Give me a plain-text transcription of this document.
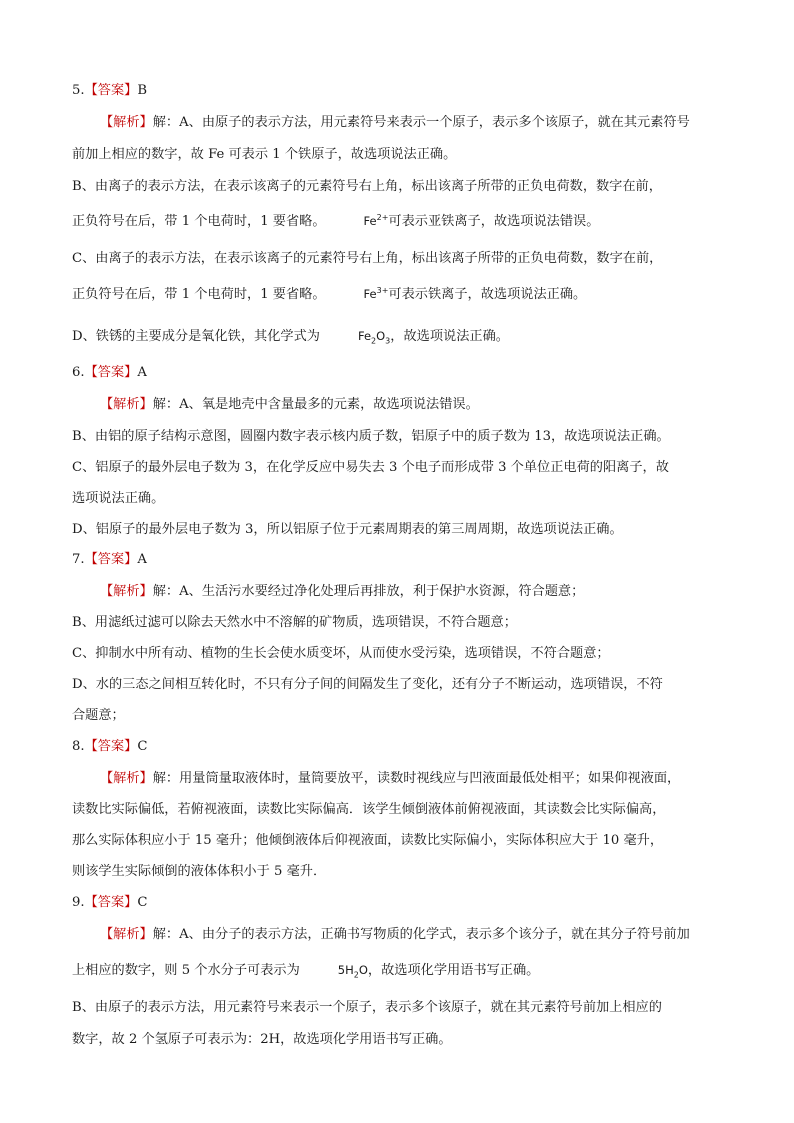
5.【答案】B
【解析】解：A、由原子的表示方法，用元素符号来表示一个原子，表示多个该原子，就在其元素符号
前加上相应的数字，故 Fe 可表示 1 个铁原子，故选项说法正确。
B、由离子的表示方法，在表示该离子的元素符号右上角，标出该离子所带的正负电荷数，数字在前，
正负符号在后，带 1 个电荷时，1 要省略。	$Fe^{2+}$可表示亚铁离子，故选项说法错误。
C、由离子的表示方法，在表示该离子的元素符号右上角，标出该离子所带的正负电荷数，数字在前，
正负符号在后，带 1 个电荷时，1 要省略。	$Fe^{3+}$可表示铁离子，故选项说法正确。
D、铁锈的主要成分是氧化铁，其化学式为	$Fe_2O_3$，故选项说法正确。
6.【答案】A
【解析】解：A、氧是地壳中含量最多的元素，故选项说法错误。
B、由铝的原子结构示意图，圆圈内数字表示核内质子数，铝原子中的质子数为 13，故选项说法正确。
C、铝原子的最外层电子数为 3，在化学反应中易失去 3 个电子而形成带 3 个单位正电荷的阳离子，故
选项说法正确。
D、铝原子的最外层电子数为 3，所以铝原子位于元素周期表的第三周周期，故选项说法正确。
7.【答案】A
【解析】解：A、生活污水要经过净化处理后再排放，利于保护水资源，符合题意；
B、用滤纸过滤可以除去天然水中不溶解的矿物质，选项错误，不符合题意；
C、抑制水中所有动、植物的生长会使水质变坏，从而使水受污染，选项错误，不符合题意；
D、水的三态之间相互转化时，不只有分子间的间隔发生了变化，还有分子不断运动，选项错误，不符
合题意；
8.【答案】C
【解析】解：用量筒量取液体时，量筒要放平，读数时视线应与凹液面最低处相平；如果仰视液面，
读数比实际偏低，若俯视液面，读数比实际偏高．该学生倾倒液体前俯视液面，其读数会比实际偏高，
那么实际体积应小于 15 毫升；他倾倒液体后仰视液面，读数比实际偏小，实际体积应大于 10 毫升，
则该学生实际倾倒的液体体积小于 5 毫升．
9.【答案】C
【解析】解：A、由分子的表示方法，正确书写物质的化学式，表示多个该分子，就在其分子符号前加
上相应的数字，则 5 个水分子可表示为	$5H_2O$，故选项化学用语书写正确。
B、由原子的表示方法，用元素符号来表示一个原子，表示多个该原子，就在其元素符号前加上相应的
数字，故 2 个氢原子可表示为：2H，故选项化学用语书写正确。
